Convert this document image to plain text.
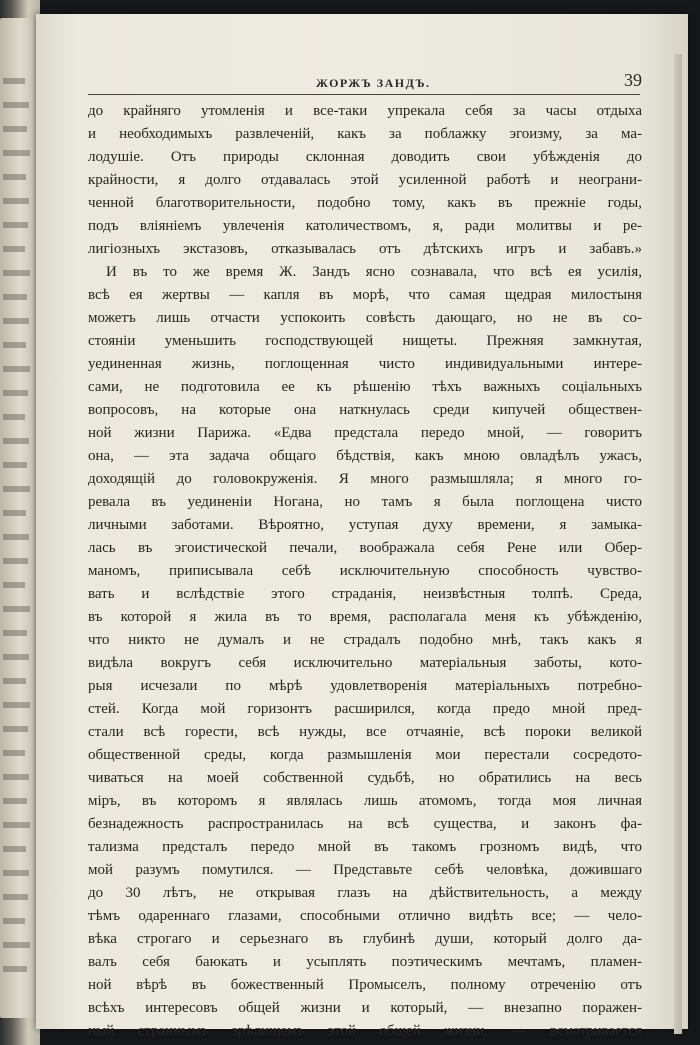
ЖОРЖЪ ЗАНДЪ.	39
до крайняго утомленія и все-таки упрекала себя за часы отдыха
и необходимыхъ развлеченій, какъ за поблажку эгоизму, за ма-
лодушіе. Отъ природы склонная доводить свои убѣжденія до
крайности, я долго отдавалась этой усиленной работѣ и неограни-
ченной благотворительности, подобно тому, какъ въ прежніе годы,
подъ вліяніемъ увлеченія католичествомъ, я, ради молитвы и ре-
лигіозныхъ экстазовъ, отказывалась отъ дѣтскихъ игръ и забавъ.»
И въ то же время Ж. Зандъ ясно сознавала, что всѣ ея усилія,
всѣ ея жертвы — капля въ морѣ, что самая щедрая милостыня
можетъ лишь отчасти успокоить совѣсть дающаго, но не въ со-
стояніи уменьшить господствующей нищеты. Прежняя замкнутая,
уединенная жизнь, поглощенная чисто индивидуальными интере-
сами, не подготовила ее къ рѣшенію тѣхъ важныхъ соціальныхъ
вопросовъ, на которые она наткнулась среди кипучей обществен-
ной жизни Парижа. «Едва предстала передо мной, — говоритъ
она, — эта задача общаго бѣдствія, какъ мною овладѣлъ ужасъ,
доходящій до головокруженія. Я много размышляла; я много го-
ревала въ уединеніи Ногана, но тамъ я была поглощена чисто
личными заботами. Вѣроятно, уступая духу времени, я замыка-
лась въ эгоистической печали, воображала себя Рене или Обер-
маномъ, приписывала себѣ исключительную способность чувство-
вать и вслѣдствіе этого страданія, неизвѣстныя толпѣ. Среда,
въ которой я жила въ то время, располагала меня къ убѣжденію,
что никто не думалъ и не страдалъ подобно мнѣ, такъ какъ я
видѣла вокругъ себя исключительно матеріальныя заботы, кото-
рыя исчезали по мѣрѣ удовлетворенія матеріальныхъ потребно-
стей. Когда мой горизонтъ расширился, когда предо мной пред-
стали всѣ горести, всѣ нужды, все отчаяніе, всѣ пороки великой
общественной среды, когда размышленія мои перестали сосредото-
чиваться на моей собственной судьбѣ, но обратились на весь
міръ, въ которомъ я являлась лишь атомомъ, тогда моя личная
безнадежность распространилась на всѣ существа, и законъ фа-
тализма предсталъ передо мной въ такомъ грозномъ видѣ, что
мой разумъ помутился. — Представьте себѣ человѣка, дожившаго
до 30 лѣтъ, не открывая глазъ на дѣйствительность, а между
тѣмъ одареннаго глазами, способными отлично видѣть все; — чело-
вѣка строгаго и серьезнаго въ глубинѣ души, который долго да-
валъ себя баюкать и усыплять поэтическимъ мечтамъ, пламен-
ной вѣрѣ въ божественный Промыселъ, полному отреченію отъ
всѣхъ интересовъ общей жизни и который, — внезапно поражен-
ный страннымъ зрѣлищемъ этой общей жизни, — всматривается
